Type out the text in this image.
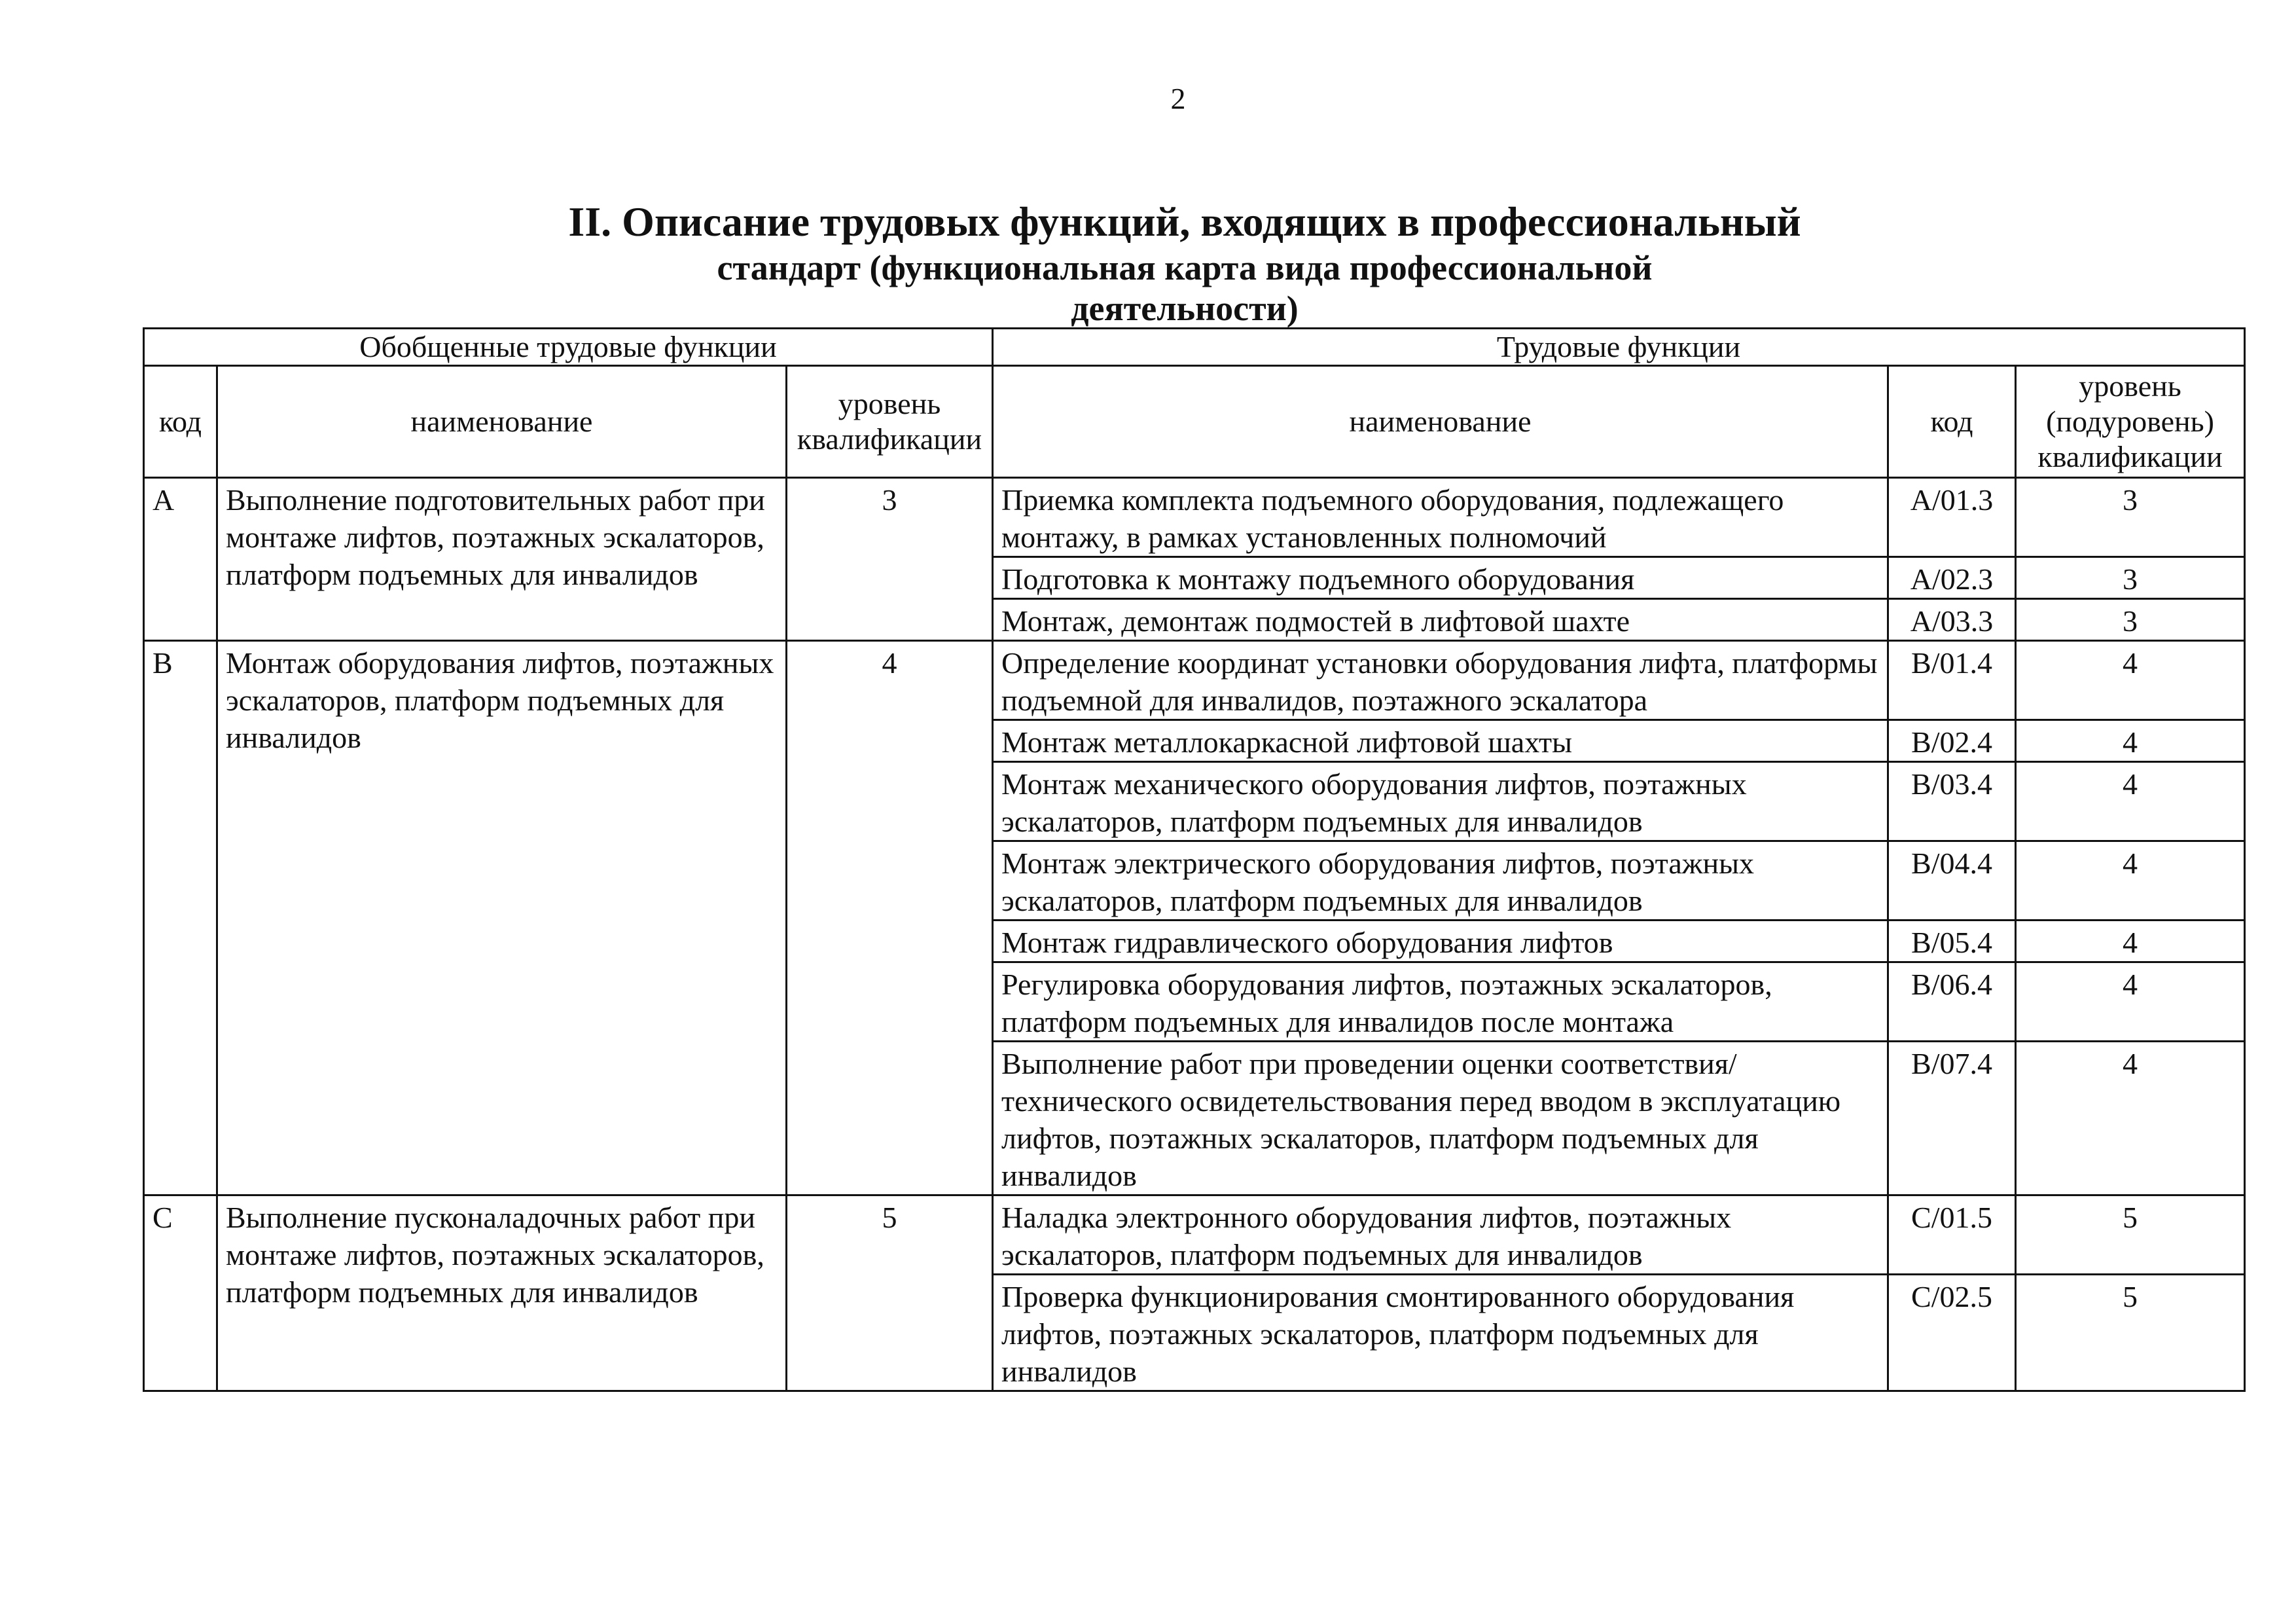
2
II. Описание трудовых функций, входящих в профессиональный
стандарт (функциональная карта вида профессиональной
деятельности)
Обобщенные трудовые функции			Трудовые функции		
код	наименование	уровень квалификации	наименование	код	уровень (подуровень) квалификации
A	Выполнение подготовительных работ при монтаже лифтов, поэтажных эскалаторов, платформ подъемных для инвалидов	3	Приемка комплекта подъемного оборудования, подлежащего монтажу, в рамках установленных полномочий	A/01.3	3
			Подготовка к монтажу подъемного оборудования	A/02.3	3
			Монтаж, демонтаж подмостей в лифтовой шахте	A/03.3	3
B	Монтаж оборудования лифтов, поэтажных эскалаторов, платформ подъемных для инвалидов	4	Определение координат установки оборудования лифта, платформы подъемной для инвалидов, поэтажного эскалатора	B/01.4	4
			Монтаж металлокаркасной лифтовой шахты	B/02.4	4
			Монтаж механического оборудования лифтов, поэтажных эскалаторов, платформ подъемных для инвалидов	B/03.4	4
			Монтаж электрического оборудования лифтов, поэтажных эскалаторов, платформ подъемных для инвалидов	B/04.4	4
			Монтаж гидравлического оборудования лифтов	B/05.4	4
			Регулировка оборудования лифтов, поэтажных эскалаторов, платформ подъемных для инвалидов после монтажа	B/06.4	4
			Выполнение работ при проведении оценки соответствия/технического освидетельствования перед вводом в эксплуатацию лифтов, поэтажных эскалаторов, платформ подъемных для инвалидов	B/07.4	4
C	Выполнение пусконаладочных работ при монтаже лифтов, поэтажных эскалаторов, платформ подъемных для инвалидов	5	Наладка электронного оборудования лифтов, поэтажных эскалаторов, платформ подъемных для инвалидов	C/01.5	5
			Проверка функционирования смонтированного оборудования лифтов, поэтажных эскалаторов, платформ подъемных для инвалидов	C/02.5	5
